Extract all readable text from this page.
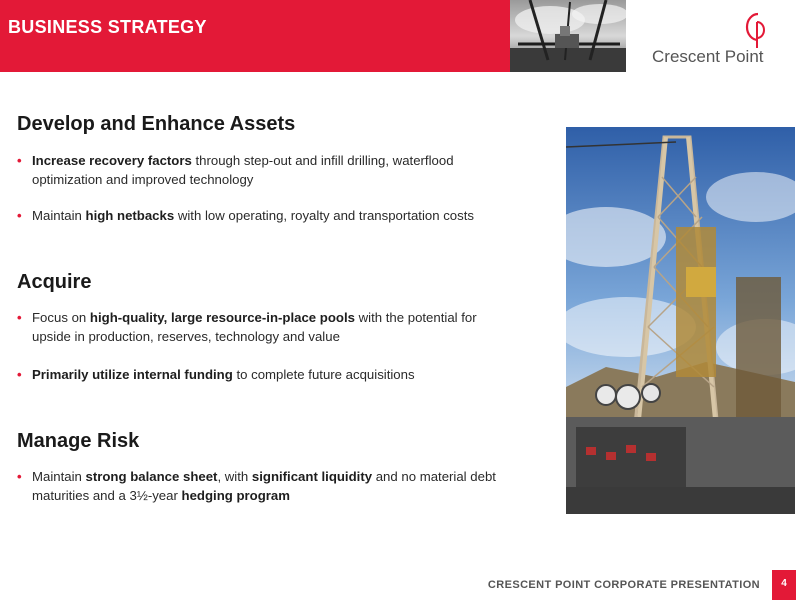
BUSINESS STRATEGY
Crescent Point
Develop and Enhance Assets
• Increase recovery factors through step-out and infill drilling, waterflood optimization and improved technology
• Maintain high netbacks with low operating, royalty and transportation costs
Acquire
• Focus on high-quality, large resource-in-place pools with the potential for upside in production, reserves, technology and value
• Primarily utilize internal funding to complete future acquisitions
Manage Risk
• Maintain strong balance sheet, with significant liquidity and no material debt maturities and a 3½-year hedging program
CRESCENT POINT CORPORATE PRESENTATION	4
